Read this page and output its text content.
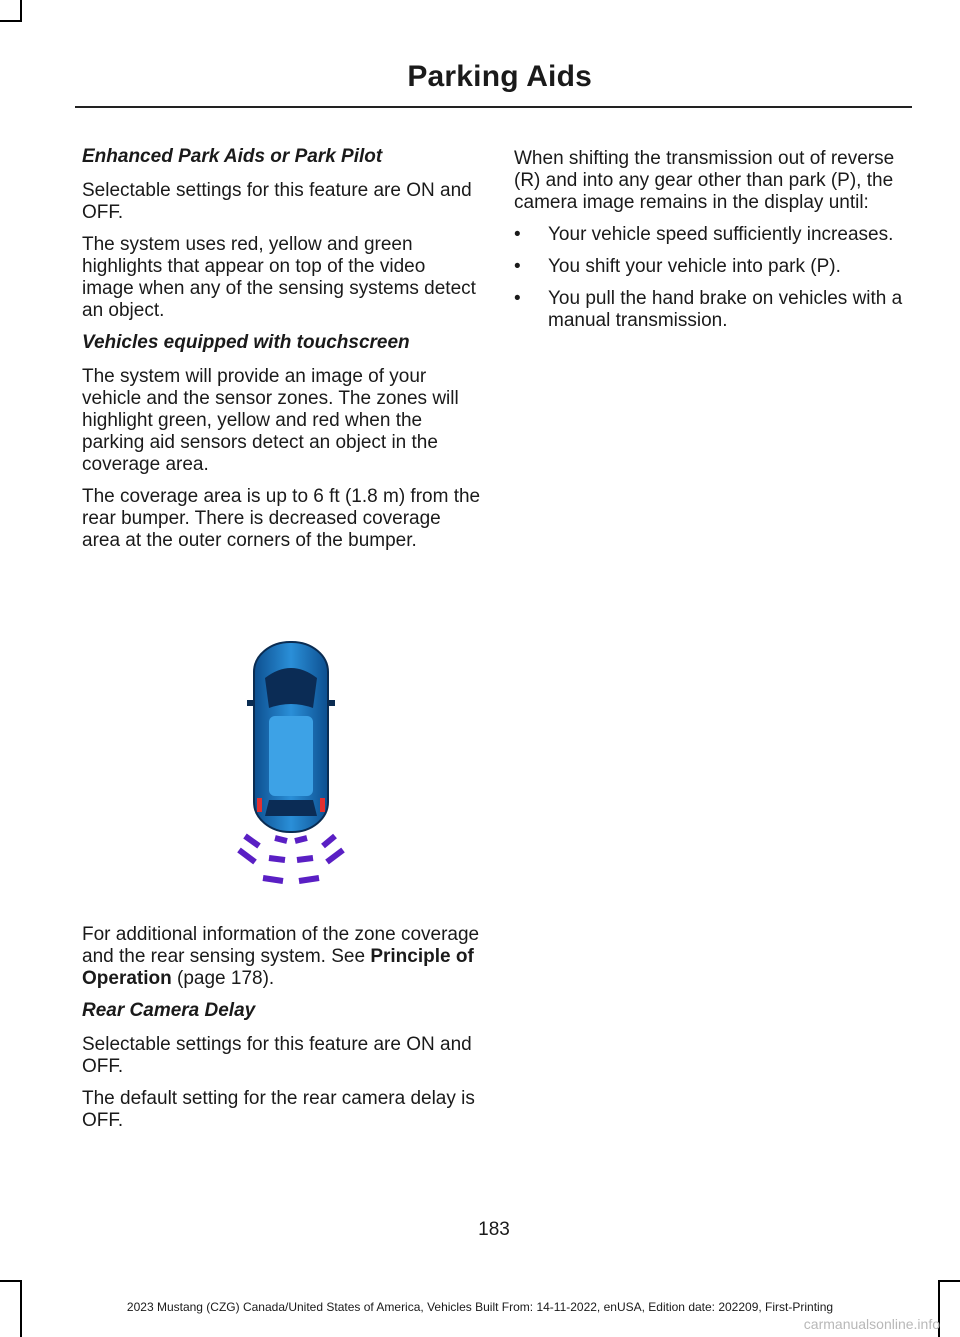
Parking Aids

Enhanced Park Aids or Park Pilot

Selectable settings for this feature are ON and OFF.

The system uses red, yellow and green highlights that appear on top of the video image when any of the sensing systems detect an object.

Vehicles equipped with touchscreen

The system will provide an image of your vehicle and the sensor zones. The zones will highlight green, yellow and red when the parking aid sensors detect an object in the coverage area.

The coverage area is up to 6 ft (1.8 m) from the rear bumper. There is decreased coverage area at the outer corners of the bumper.

For additional information of the zone coverage and the rear sensing system. See Principle of Operation (page 178).

Rear Camera Delay

Selectable settings for this feature are ON and OFF.

The default setting for the rear camera delay is OFF.

When shifting the transmission out of reverse (R) and into any gear other than park (P), the camera image remains in the display until:

• Your vehicle speed sufficiently increases.
• You shift your vehicle into park (P).
• You pull the hand brake on vehicles with a manual transmission.
183
2023 Mustang (CZG) Canada/United States of America, Vehicles Built From: 14-11-2022, enUSA, Edition date: 202209, First-Printing
carmanualsonline.info
